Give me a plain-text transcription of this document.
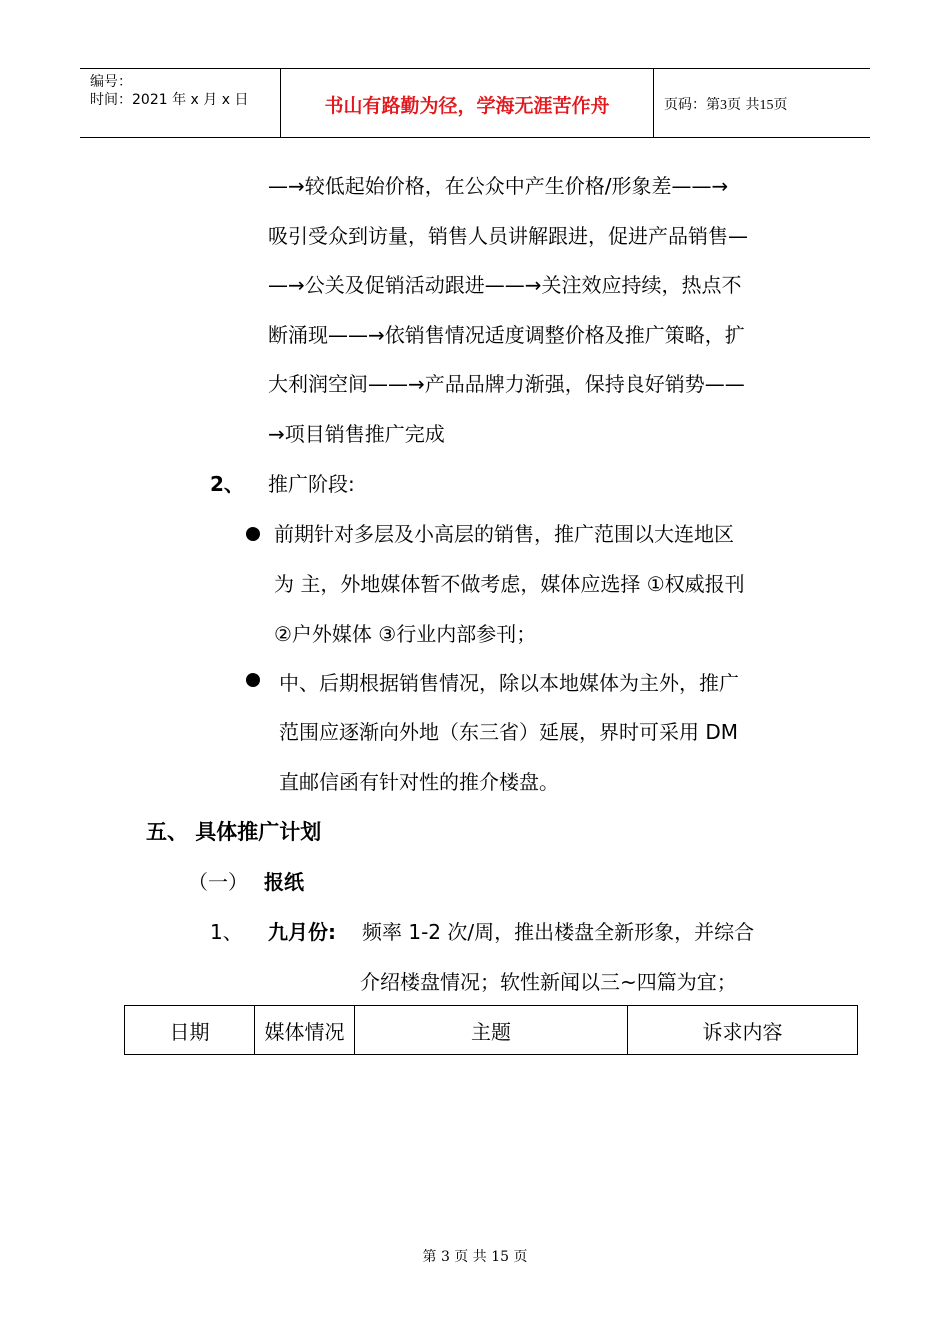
编号：
时间：2021 年 x 月 x 日	书山有路勤为径，学海无涯苦作舟	页码：第3页 共15页
—→较低起始价格，在公众中产生价格/形象差——→
吸引受众到访量，销售人员讲解跟进，促进产品销售—
—→公关及促销活动跟进——→关注效应持续，热点不
断涌现——→依销售情况适度调整价格及推广策略，扩
大利润空间——→产品品牌力渐强，保持良好销势——
→项目销售推广完成
2、 推广阶段:
前期针对多层及小高层的销售，推广范围以大连地区
为 主，外地媒体暂不做考虑，媒体应选择 ①权威报刊
②户外媒体 ③行业内部参刊；
中、后期根据销售情况，除以本地媒体为主外，推广
范围应逐渐向外地（东三省）延展，界时可采用 DM
直邮信函有针对性的推介楼盘。
五、 具体推广计划
（一） 报纸
1、 九月份: 频率 1-2 次/周，推出楼盘全新形象，并综合
介绍楼盘情况；软性新闻以三~四篇为宜；
日期	媒体情况	主题	诉求内容
第 3 页 共 15 页
